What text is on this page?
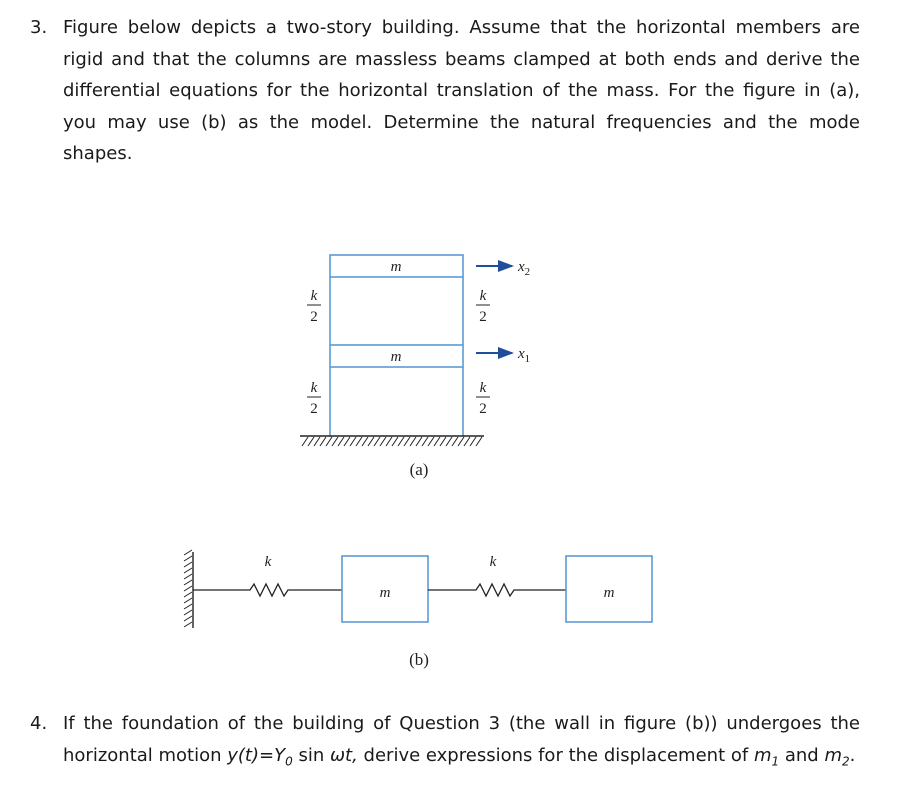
3. Figure below depicts a two-story building. Assume that the horizontal members are rigid and that the columns are massless beams clamped at both ends and derive the differential equations for the horizontal translation of the mass. For the figure in (a), you may use (b) as the model. Determine the natural frequencies and the mode shapes.
m
m
k
2
k
2
k
2
k
2
$x_2$
$x_1$
(a)
k
m
k
m
(b)
4. If the foundation of the building of Question 3 (the wall in figure (b)) undergoes the horizontal motion $y(t)=Y_0$ sin ωt, derive expressions for the displacement of $m_1$ and $m_2$.
